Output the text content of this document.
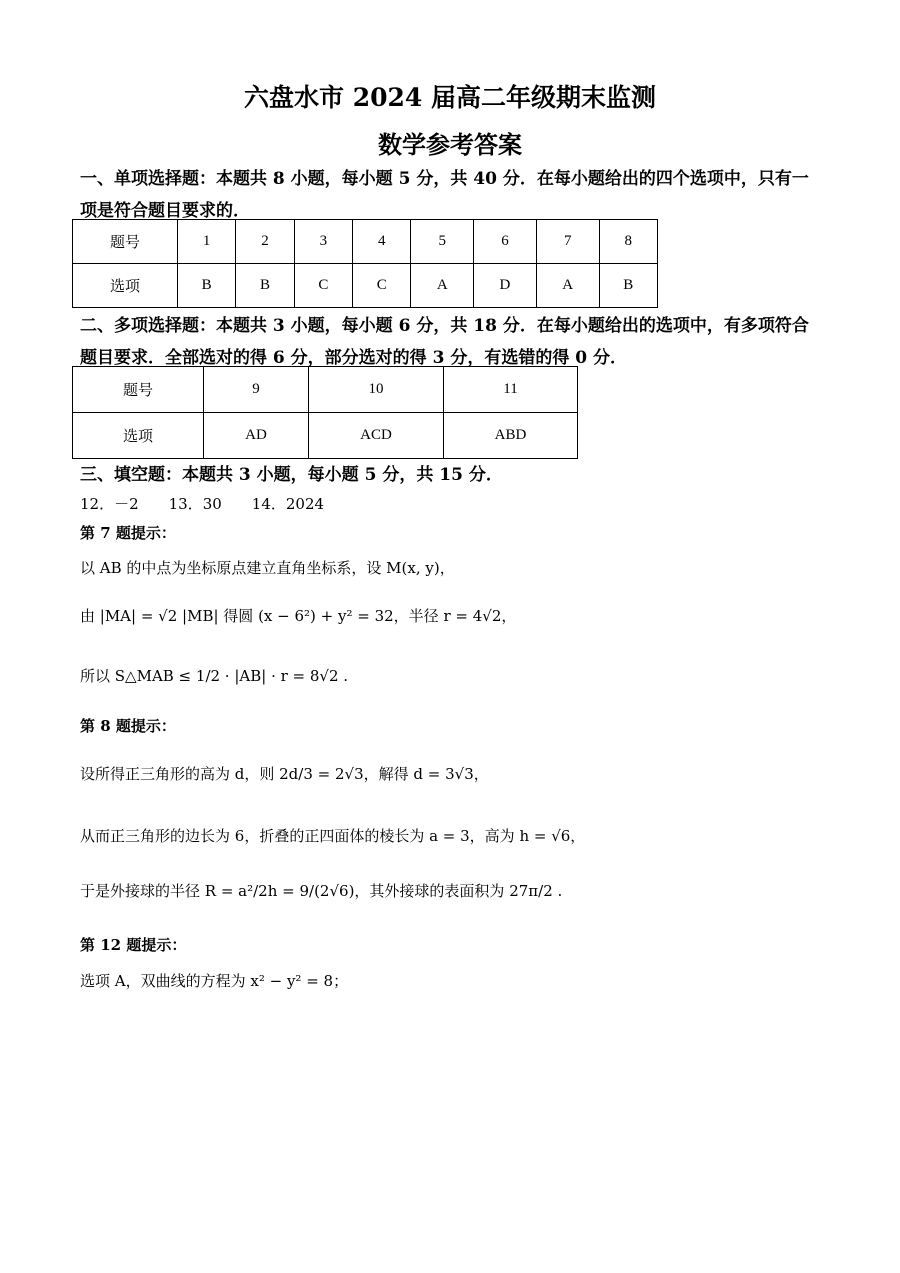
六盘水市 2024 届高二年级期末监测
数学参考答案
一、单项选择题：本题共 8 小题，每小题 5 分，共 40 分．在每小题给出的四个选项中，只有一项是符合题目要求的．
题号	1	2	3	4	5	6	7	8
选项	B	B	C	C	A	D	A	B
二、多项选择题：本题共 3 小题，每小题 6 分，共 18 分．在每小题给出的选项中，有多项符合题目要求．全部选对的得 6 分，部分选对的得 3 分，有选错的得 0 分．
题号	9	10	11
选项	AD	ACD	ABD
三、填空题：本题共 3 小题，每小题 5 分，共 15 分．
12．－2　　13．30　　14．2024
第 7 题提示：
以 AB 的中点为坐标原点建立直角坐标系，设 M(x, y)，
由 |MA| = √2 |MB| 得圆 (x − 6²) + y² = 32，半径 r = 4√2，
所以 S△MAB ≤ 1/2 · |AB| · r = 8√2 .
第 8 题提示：
设所得正三角形的高为 d，则 2d/3 = 2√3，解得 d = 3√3，
从而正三角形的边长为 6，折叠的正四面体的棱长为 a = 3，高为 h = √6，
于是外接球的半径 R = a²/2h = 9/(2√6)，其外接球的表面积为 27π/2 .
第 12 题提示：
选项 A，双曲线的方程为 x² − y² = 8；
